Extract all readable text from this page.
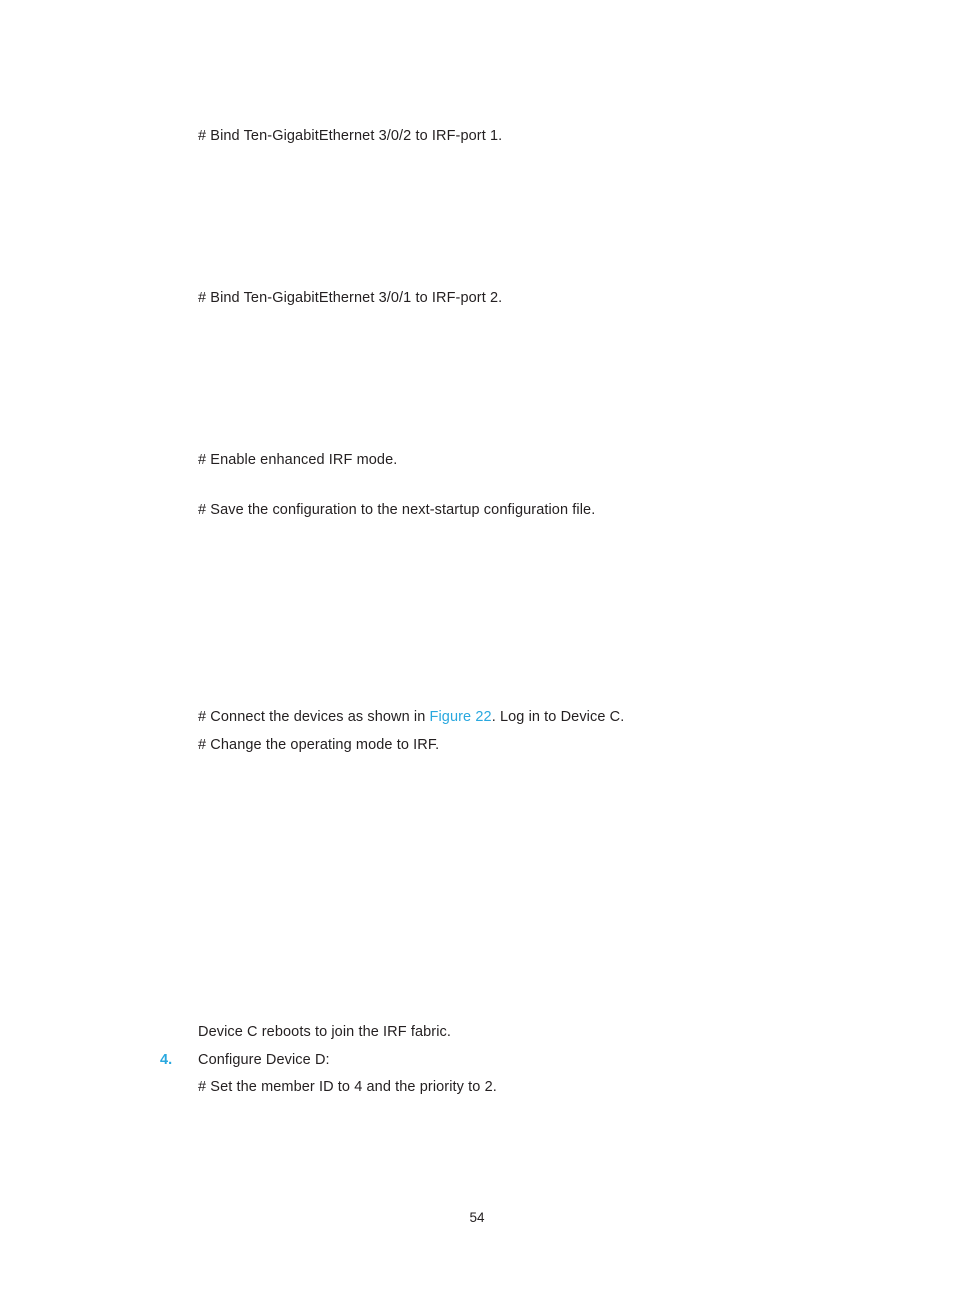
# Bind Ten-GigabitEthernet 3/0/2 to IRF-port 1.
# Bind Ten-GigabitEthernet 3/0/1 to IRF-port 2.
# Enable enhanced IRF mode.
# Save the configuration to the next-startup configuration file.
# Connect the devices as shown in Figure 22. Log in to Device C.
# Change the operating mode to IRF.
Device C reboots to join the IRF fabric.
4. Configure Device D:
# Set the member ID to 4 and the priority to 2.
54
